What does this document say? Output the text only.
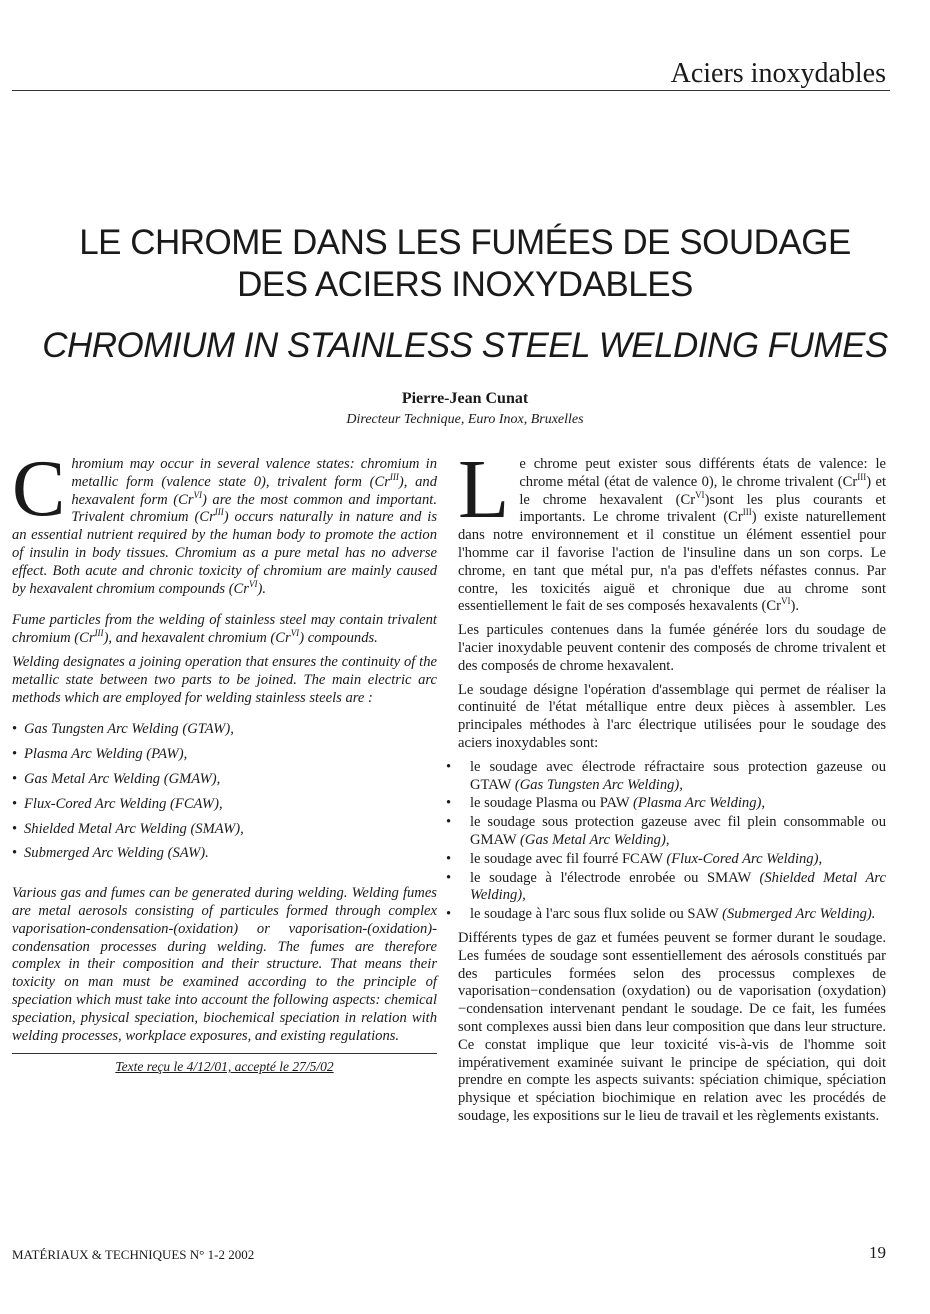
Aciers inoxydables
LE CHROME DANS LES FUMÉES DE SOUDAGE
DES ACIERS INOXYDABLES
CHROMIUM IN STAINLESS STEEL WELDING FUMES
Pierre-Jean Cunat
Directeur Technique, Euro Inox, Bruxelles

Chromium may occur in several valence states: chromium in metallic form (valence state 0), trivalent form $(Cr^{III})$, and hexavalent form $(Cr^{VI})$ are the most common and important. Trivalent chromium $(Cr^{III})$ occurs naturally in nature and is an essential nutrient required by the human body to promote the action of insulin in body tissues. Chromium as a pure metal has no adverse effect. Both acute and chronic toxicity of chromium are mainly caused by hexavalent chromium compounds $(Cr^{VI})$.

Fume particles from the welding of stainless steel may contain trivalent chromium $(Cr^{III})$, and hexavalent chromium $(Cr^{VI})$ compounds.

Welding designates a joining operation that ensures the continuity of the metallic state between two parts to be joined. The main electric arc methods which are employed for welding stainless steels are :

• Gas Tungsten Arc Welding (GTAW),
• Plasma Arc Welding (PAW),
• Gas Metal Arc Welding (GMAW),
• Flux-Cored Arc Welding (FCAW),
• Shielded Metal Arc Welding (SMAW),
• Submerged Arc Welding (SAW).

Various gas and fumes can be generated during welding. Welding fumes are metal aerosols consisting of particules formed through complex vaporisation-condensation-(oxidation) or vaporisation-(oxidation)-condensation processes during welding. The fumes are therefore complex in their composition and their structure. That means their toxicity on man must be examined according to the principle of speciation which must take into account the following aspects: chemical speciation, physical speciation, biochemical speciation in relation with welding processes, workplace exposures, and existing regulations.

Texte reçu le 4/12/01, accepté le 27/5/02

Le chrome peut exister sous différents états de valence: le chrome métal (état de valence 0), le chrome trivalent $(Cr^{III})$ et le chrome hexavalent $(Cr^{VI})sont$ les plus courants et importants. Le chrome trivalent $(Cr^{III})$ existe naturellement dans notre environnement et il constitue un élément essentiel pour l'homme car il favorise l'action de l'insuline dans un son corps. Le chrome, en tant que métal pur, n'a pas d'effets néfastes connus. Par contre, les toxicités aiguë et chronique due au chrome sont essentiellement le fait de ses composés hexavalents $(Cr^{VI})$.

Les particules contenues dans la fumée générée lors du soudage de l'acier inoxydable peuvent contenir des composés de chrome trivalent et des composés de chrome hexavalent.

Le soudage désigne l'opération d'assemblage qui permet de réaliser la continuité de l'état métallique entre deux pièces à assembler. Les principales méthodes à l'arc électrique utilisées pour le soudage des aciers inoxydables sont:

• le soudage avec électrode réfractaire sous protection gazeuse ou GTAW (Gas Tungsten Arc Welding),
• le soudage Plasma ou PAW (Plasma Arc Welding),
• le soudage sous protection gazeuse avec fil plein consommable ou GMAW (Gas Metal Arc Welding),
• le soudage avec fil fourré FCAW (Flux-Cored Arc Welding),
• le soudage à l'électrode enrobée ou SMAW (Shielded Metal Arc Welding),
• le soudage à l'arc sous flux solide ou SAW (Submerged Arc Welding).

Différents types de gaz et fumées peuvent se former durant le soudage. Les fumées de soudage sont essentiellement des aérosols constitués par des particules formées selon des processus complexes de vaporisation−condensation (oxydation) ou de vaporisation (oxydation)−condensation intervenant pendant le soudage. De ce fait, les fumées sont complexes aussi bien dans leur composition que dans leur structure. Ce constat implique que leur toxicité vis-à-vis de l'homme soit impérativement examinée suivant le principe de spéciation, qui doit prendre en compte les aspects suivants: spéciation chimique, spéciation physique et spéciation biochimique en relation avec les procédés de soudage, les expositions sur le lieu de travail et les règlements existants.

MATÉRIAUX & TECHNIQUES N° 1-2 2002	19
